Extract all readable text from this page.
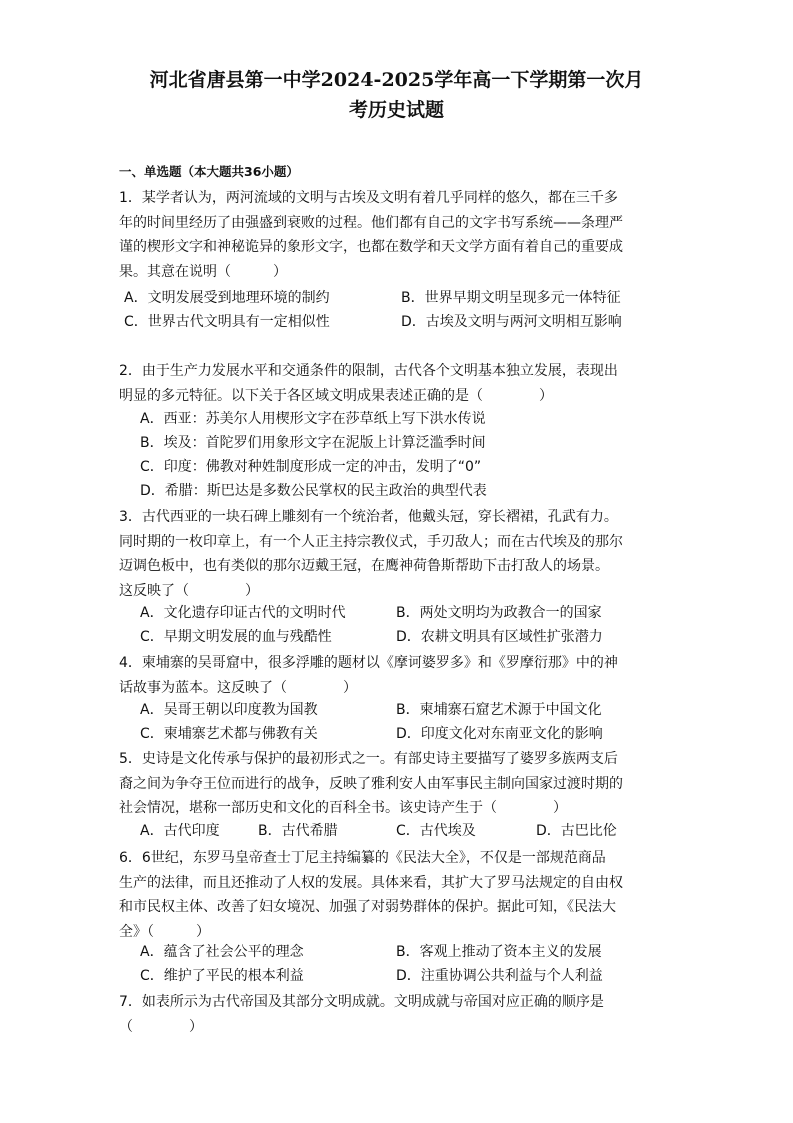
河北省唐县第一中学2024-2025学年高一下学期第一次月
考历史试题
一、单选题（本大题共36小题）
1．某学者认为，两河流域的文明与古埃及文明有着几乎同样的悠久，都在三千多
年的时间里经历了由强盛到衰败的过程。他们都有自己的文字书写系统——条理严
谨的楔形文字和神秘诡异的象形文字，也都在数学和天文学方面有着自己的重要成
果。其意在说明（　　　）
A．文明发展受到地理环境的制约	B．世界早期文明呈现多元一体特征
C．世界古代文明具有一定相似性	D．古埃及文明与两河文明相互影响
2．由于生产力发展水平和交通条件的限制，古代各个文明基本独立发展，表现出
明显的多元特征。以下关于各区域文明成果表述正确的是（　　　　）
A．西亚：苏美尔人用楔形文字在莎草纸上写下洪水传说
B．埃及：首陀罗们用象形文字在泥版上计算泛滥季时间
C．印度：佛教对种姓制度形成一定的冲击，发明了“0”
D．希腊：斯巴达是多数公民掌权的民主政治的典型代表
3．古代西亚的一块石碑上雕刻有一个统治者，他戴头冠，穿长褶裙，孔武有力。
同时期的一枚印章上，有一个人正主持宗教仪式，手刃敌人；而在古代埃及的那尔
迈调色板中，也有类似的那尔迈戴王冠，在鹰神荷鲁斯帮助下击打敌人的场景。
这反映了（　　　　）
A．文化遗存印证古代的文明时代	B．两处文明均为政教合一的国家
C．早期文明发展的血与残酷性	D．农耕文明具有区域性扩张潜力
4．柬埔寨的吴哥窟中，很多浮雕的题材以《摩诃婆罗多》和《罗摩衍那》中的神
话故事为蓝本。这反映了（　　　　）
A．吴哥王朝以印度教为国教	B．柬埔寨石窟艺术源于中国文化
C．柬埔寨艺术都与佛教有关	D．印度文化对东南亚文化的影响
5．史诗是文化传承与保护的最初形式之一。有部史诗主要描写了婆罗多族两支后
裔之间为争夺王位而进行的战争，反映了雅利安人由军事民主制向国家过渡时期的
社会情况，堪称一部历史和文化的百科全书。该史诗产生于（　　　　）
A．古代印度	B．古代希腊	C．古代埃及	D．古巴比伦
6．6世纪，东罗马皇帝查士丁尼主持编纂的《民法大全》，不仅是一部规范商品
生产的法律，而且还推动了人权的发展。具体来看，其扩大了罗马法规定的自由权
和市民权主体、改善了妇女境况、加强了对弱势群体的保护。据此可知，《民法大
全》（　　　）
A．蕴含了社会公平的理念	B．客观上推动了资本主义的发展
C．维护了平民的根本利益	D．注重协调公共利益与个人利益
7．如表所示为古代帝国及其部分文明成就。文明成就与帝国对应正确的顺序是
（　　　　）
